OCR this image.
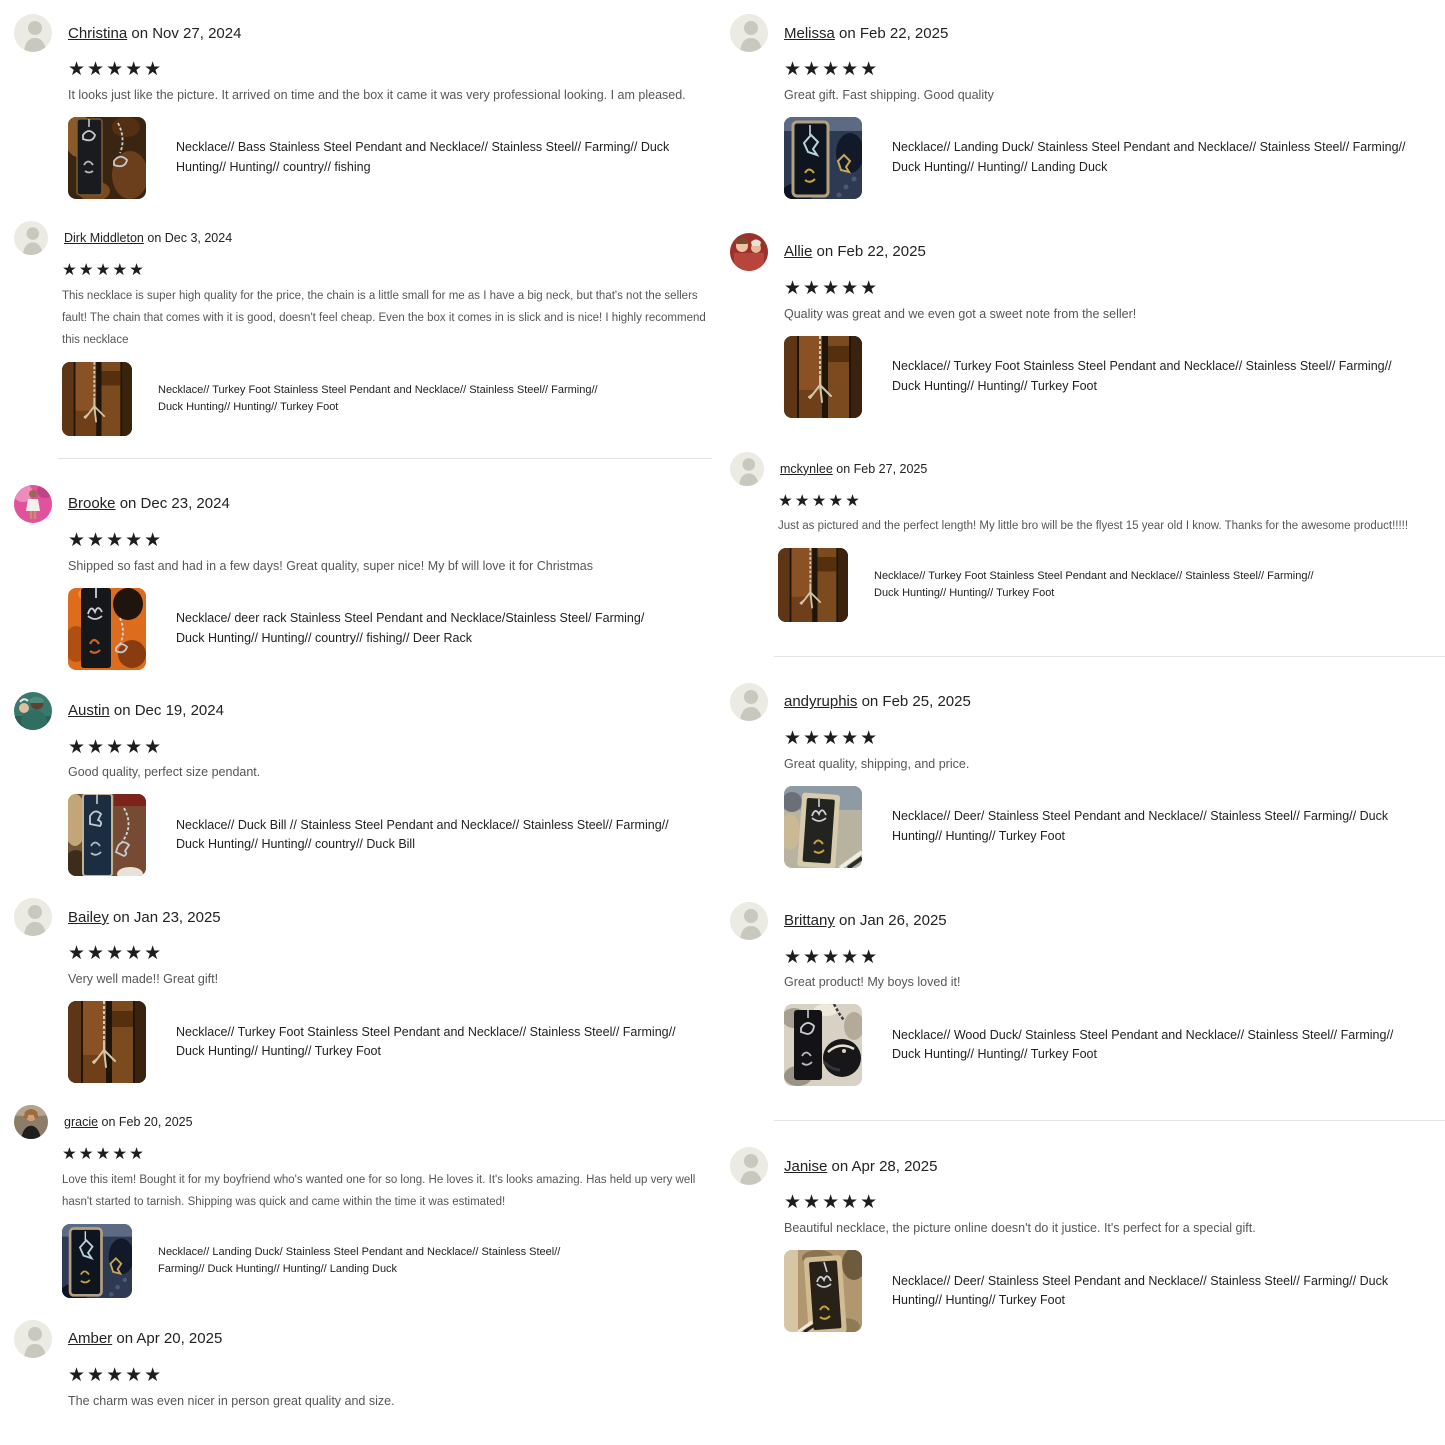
Christina on Nov 27, 2024

★★★★★

It looks just like the picture. It arrived on time and the box it came it was very professional looking. I am pleased.

Necklace// Bass Stainless Steel Pendant and Necklace// Stainless Steel// Farming// Duck Hunting// Hunting// country// fishing

Dirk Middleton on Dec 3, 2024

★★★★★

This necklace is super high quality for the price, the chain is a little small for me as I have a big neck, but that's not the sellers fault! The chain that comes with it is good, doesn't feel cheap. Even the box it comes in is slick and is nice! I highly recommend this necklace

Necklace// Turkey Foot Stainless Steel Pendant and Necklace// Stainless Steel// Farming// Duck Hunting// Hunting// Turkey Foot

Brooke on Dec 23, 2024

★★★★★

Shipped so fast and had in a few days! Great quality, super nice! My bf will love it for Christmas

Necklace/ deer rack Stainless Steel Pendant and Necklace/Stainless Steel/ Farming/ Duck Hunting// Hunting// country// fishing// Deer Rack

Austin on Dec 19, 2024

★★★★★

Good quality, perfect size pendant.

Necklace// Duck Bill // Stainless Steel Pendant and Necklace// Stainless Steel// Farming// Duck Hunting// Hunting// country// Duck Bill

Bailey on Jan 23, 2025

★★★★★

Very well made!! Great gift!

Necklace// Turkey Foot Stainless Steel Pendant and Necklace// Stainless Steel// Farming// Duck Hunting// Hunting// Turkey Foot

gracie on Feb 20, 2025

★★★★★

Love this item! Bought it for my boyfriend who's wanted one for so long. He loves it. It's looks amazing. Has held up very well hasn't started to tarnish. Shipping was quick and came within the time it was estimated!

Necklace// Landing Duck/ Stainless Steel Pendant and Necklace// Stainless Steel// Farming// Duck Hunting// Hunting// Landing Duck

Amber on Apr 20, 2025

★★★★★

The charm was even nicer in person great quality and size.

Melissa on Feb 22, 2025

★★★★★

Great gift. Fast shipping. Good quality

Necklace// Landing Duck/ Stainless Steel Pendant and Necklace// Stainless Steel// Farming// Duck Hunting// Hunting// Landing Duck

Allie on Feb 22, 2025

★★★★★

Quality was great and we even got a sweet note from the seller!

Necklace// Turkey Foot Stainless Steel Pendant and Necklace// Stainless Steel// Farming// Duck Hunting// Hunting// Turkey Foot

mckynlee on Feb 27, 2025

★★★★★

Just as pictured and the perfect length! My little bro will be the flyest 15 year old I know. Thanks for the awesome product!!!!!

Necklace// Turkey Foot Stainless Steel Pendant and Necklace// Stainless Steel// Farming// Duck Hunting// Hunting// Turkey Foot

andyruphis on Feb 25, 2025

★★★★★

Great quality, shipping, and price.

Necklace// Deer/ Stainless Steel Pendant and Necklace// Stainless Steel// Farming// Duck Hunting// Hunting// Turkey Foot

Brittany on Jan 26, 2025

★★★★★

Great product! My boys loved it!

Necklace// Wood Duck/ Stainless Steel Pendant and Necklace// Stainless Steel// Farming// Duck Hunting// Hunting// Turkey Foot

Janise on Apr 28, 2025

★★★★★

Beautiful necklace, the picture online doesn't do it justice. It's perfect for a special gift.

Necklace// Deer/ Stainless Steel Pendant and Necklace// Stainless Steel// Farming// Duck Hunting// Hunting// Turkey Foot
